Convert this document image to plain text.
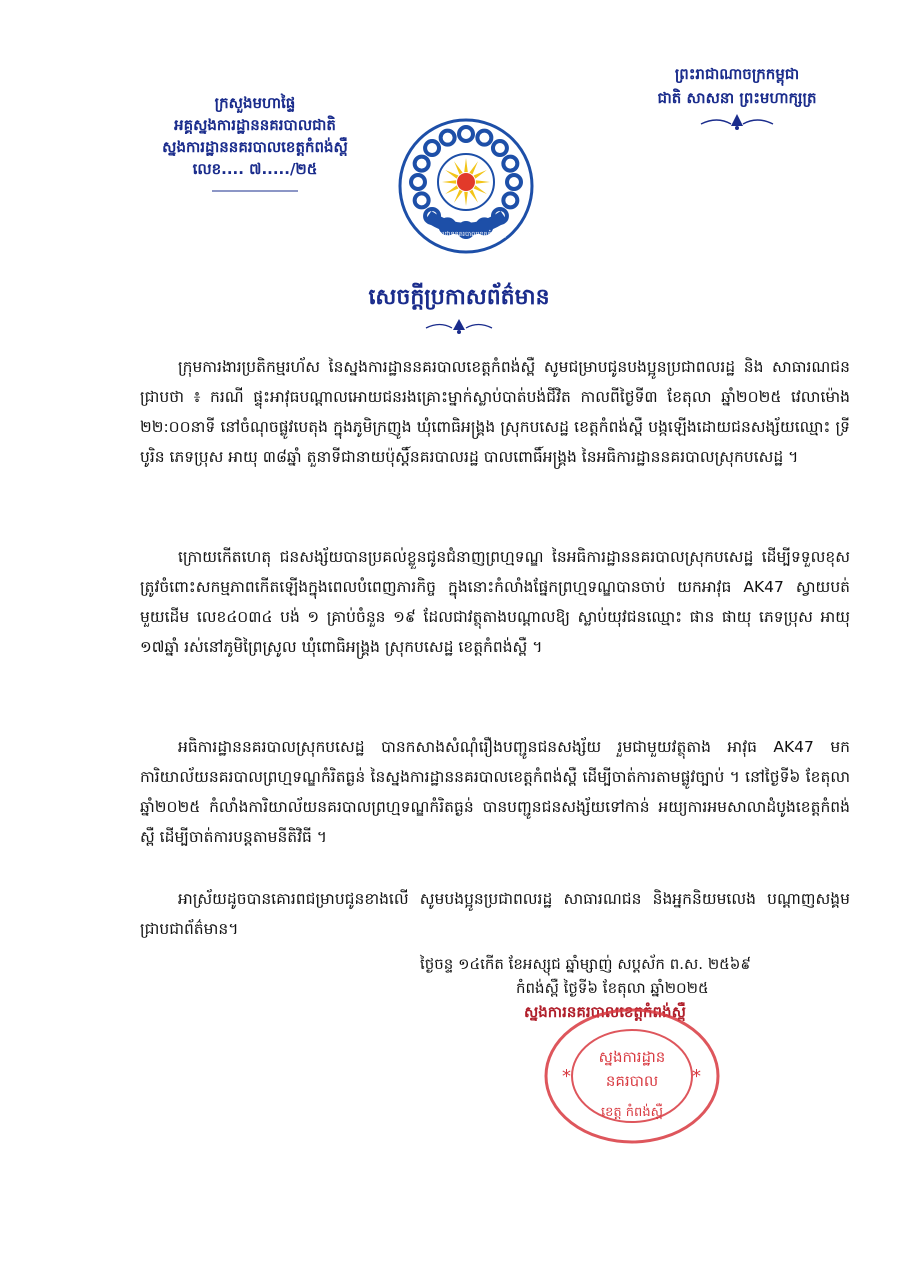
ក្រសួងមហាផ្ទៃ
អគ្គស្នងការដ្ឋាននគរបាលជាតិ
ស្នងការដ្ឋាននគរបាលខេត្តកំពង់ស្ពឺ
លេខ.... ៧...../២៥
ព្រះរាជាណាចក្រកម្ពុជា
ជាតិ សាសនា ព្រះមហាក្សត្រ
ស្នងការដ្ឋាននគរបាលខេត្តកំពង់ស្ពឺ
សេចក្ដីប្រកាសព័ត៌មាន
ក្រុមការងារប្រតិកម្មរហ័ស នៃស្នងការដ្ឋាននគរបាលខេត្តកំពង់ស្ពឺ សូមជម្រាបជូនបងប្អូនប្រជាពលរដ្ឋ និង សាធារណជន ជ្រាបថា ៖ ករណី ផ្ទុះអាវុធបណ្ដាលអោយជនរងគ្រោះម្នាក់ស្លាប់បាត់បង់ជីវិត កាលពីថ្ងៃទី៣ ខែតុលា ឆ្នាំ២០២៥ វេលាម៉ោង ២២:០០នាទី នៅចំណុចផ្លូវបេតុង ក្នុងភូមិក្រញូង ឃុំពោធិអង្គ្រង ស្រុកបសេដ្ឋ ខេត្តកំពង់ស្ពឺ បង្កឡើងដោយជនសង្ស័យឈ្មោះ ទ្រី បូរិន ភេទប្រុស អាយុ ៣៨ឆ្នាំ តួនាទីជានាយប៉ុស្តិ៍នគរបាលរដ្ឋ បាលពោធិ៍អង្គ្រង នៃអធិការដ្ឋាននគរបាលស្រុកបសេដ្ឋ ។
ក្រោយកើតហេតុ ជនសង្ស័យបានប្រគល់ខ្លួនជូនជំនាញព្រហ្មទណ្ឌ នៃអធិការដ្ឋាននគរបាលស្រុកបសេដ្ឋ ដើម្បីទទួលខុសត្រូវចំពោះសកម្មភាពកើតឡើងក្នុងពេលបំពេញភារកិច្ច ក្នុងនោះកំលាំងផ្នែកព្រហ្មទណ្ឌបានចាប់ យកអាវុធ AK47 ស្វាយបត់ មួយដើម លេខ៤០៣៤ បង់ ១ គ្រាប់ចំនួន ១៩ ដែលជាវត្ថុតាងបណ្ដាលឱ្យ ស្លាប់យុវជនឈ្មោះ ផាន ផាយុ ភេទប្រុស អាយុ ១៧ឆ្នាំ រស់នៅភូមិព្រៃស្រូល ឃុំពោធិអង្គ្រង ស្រុកបសេដ្ឋ ខេត្តកំពង់ស្ពឺ ។
អធិការដ្ឋាននគរបាលស្រុកបសេដ្ឋ បានកសាងសំណុំរឿងបញ្ជូនជនសង្ស័យ រួមជាមួយវត្ថុតាង អាវុធ AK47 មកការិយាល័យនគរបាលព្រហ្មទណ្ឌកំរិតធ្ងន់ នៃស្នងការដ្ឋាននគរបាលខេត្តកំពង់ស្ពឺ ដើម្បីចាត់ការតាមផ្លូវច្បាប់ ។ នៅថ្ងៃទី៦ ខែតុលា ឆ្នាំ២០២៥ កំលាំងការិយាល័យនគរបាលព្រហ្មទណ្ឌកំរិតធ្ងន់ បានបញ្ជូនជនសង្ស័យទៅកាន់ អយ្យការអមសាលាដំបូងខេត្តកំពង់ស្ពឺ ដើម្បីចាត់ការបន្តតាមនីតិវិធី ។
អាស្រ័យដូចបានគោរពជម្រាបជូនខាងលើ សូមបងប្អូនប្រជាពលរដ្ឋ សាធារណជន និងអ្នកនិយមលេង បណ្ដាញសង្គម ជ្រាបជាព័ត៌មាន។
ថ្ងៃចន្ទ ១៤កើត ខែអស្សុជ ឆ្នាំម្សាញ់ សប្តស័ក ព.ស. ២៥៦៩
កំពង់ស្ពឺ ថ្ងៃទី៦ ខែតុលា ឆ្នាំ២០២៥
ស្នងការនគរបាលខេត្តកំពង់ស្ពឺ
ស្នងការដ្ឋាន
នគរបាល
ខេត្ត កំពង់ស្ពឺ
*	*
